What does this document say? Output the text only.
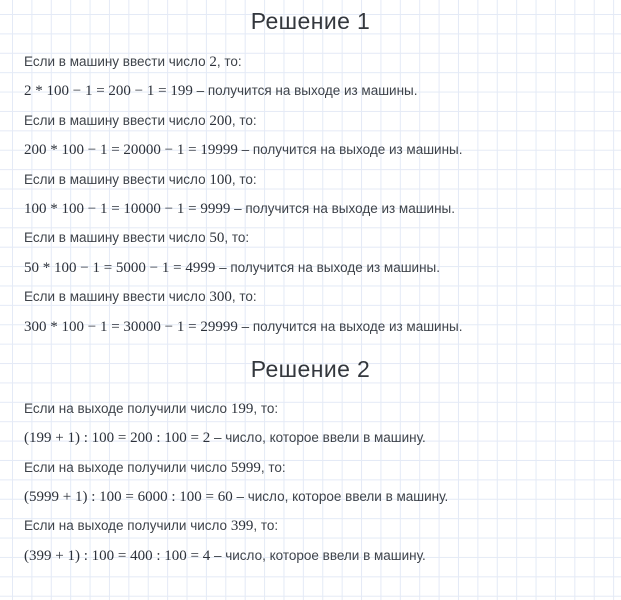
Решение 1

Если в машину ввести число 2, то:

2 * 100 − 1 = 200 − 1 = 199 – получится на выходе из машины.

Если в машину ввести число 200, то:

200 * 100 − 1 = 20000 − 1 = 19999 – получится на выходе из машины.

Если в машину ввести число 100, то:

100 * 100 − 1 = 10000 − 1 = 9999 – получится на выходе из машины.

Если в машину ввести число 50, то:

50 * 100 − 1 = 5000 − 1 = 4999 – получится на выходе из машины.

Если в машину ввести число 300, то:

300 * 100 − 1 = 30000 − 1 = 29999 – получится на выходе из машины.

Решение 2

Если на выходе получили число 199, то:

(199 + 1) : 100 = 200 : 100 = 2 – число, которое ввели в машину.

Если на выходе получили число 5999, то:

(5999 + 1) : 100 = 6000 : 100 = 60 – число, которое ввели в машину.

Если на выходе получили число 399, то:

(399 + 1) : 100 = 400 : 100 = 4 – число, которое ввели в машину.
